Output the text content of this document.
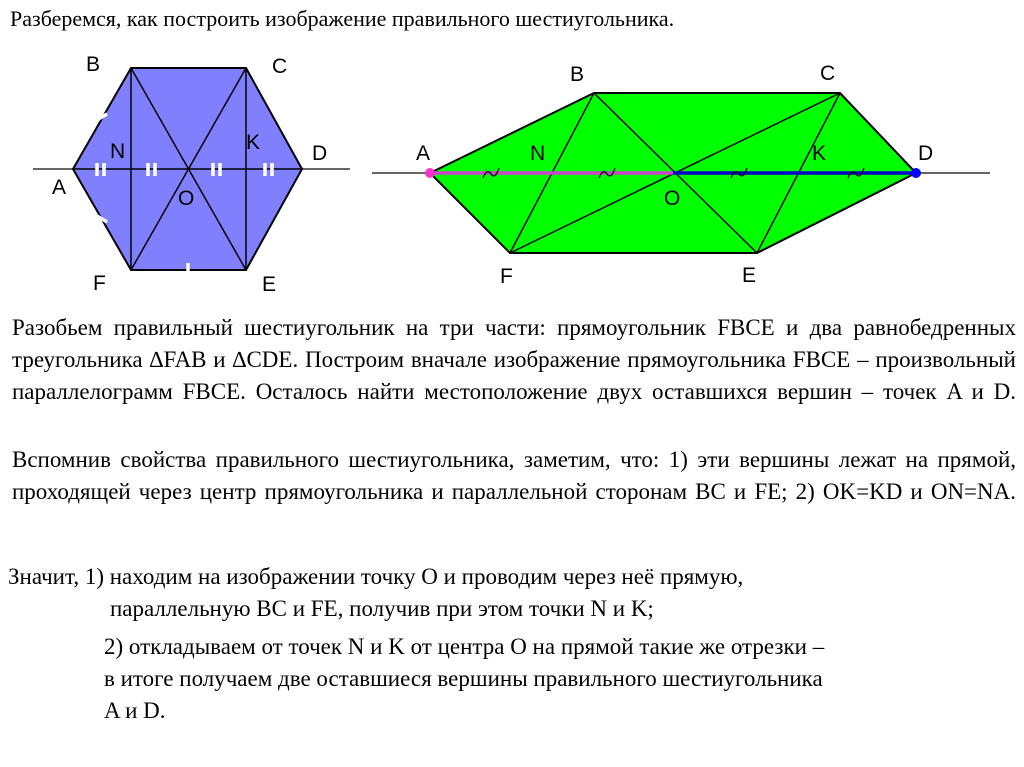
Разберемся, как построить изображение правильного шестиугольника.
B	C
D
A
F	E
N	K
O
B	C
A	D
N	K
O
F	E
Разобьем правильный шестиугольник на три части: прямоугольник FBCE и два равнобедренных треугольника ∆FAB и ∆CDE. Построим вначале изображение прямоугольника FBCE – произвольный параллелограмм FBCE. Осталось найти местоположение двух оставшихся вершин – точек A и D.
Вспомнив свойства правильного шестиугольника, заметим, что: 1) эти вершины лежат на прямой, проходящей через центр прямоугольника и параллельной сторонам BC и FE; 2) OK=KD и ON=NA.
Значит, 1) находим на изображении точку O и проводим через неё прямую,
параллельную BC и FE, получив при этом точки N и K;
2) откладываем от точек N и K от центра O на прямой такие же отрезки –
в итоге получаем две оставшиеся вершины правильного шестиугольника
A и D.
